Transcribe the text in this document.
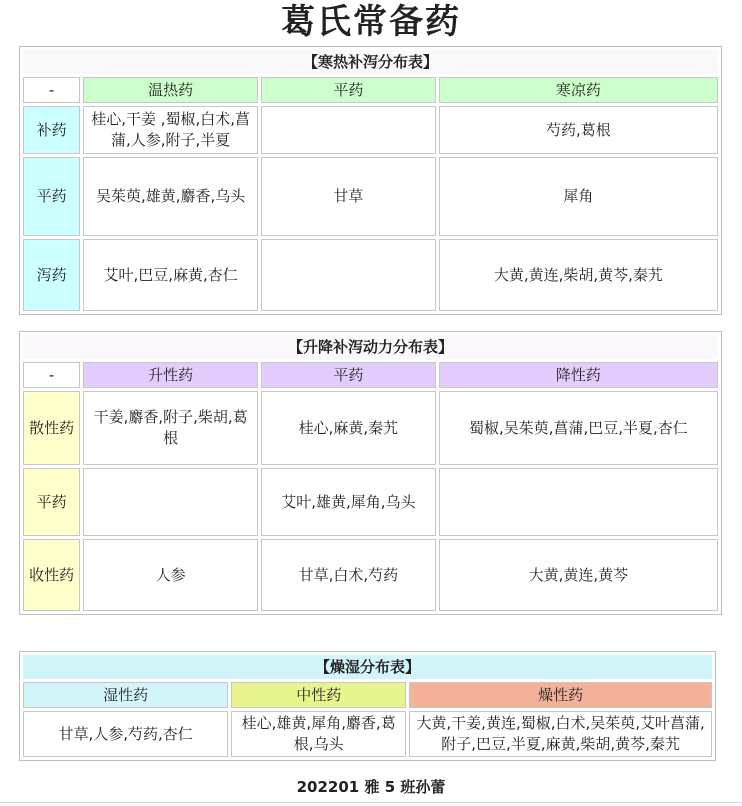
葛氏常备药
【寒热补泻分布表】			
-	温热药	平药	寒凉药
补药	桂心,干姜 ,蜀椒,白术,菖蒲,人参,附子,半夏		芍药,葛根
平药	吴茱萸,雄黄,麝香,乌头	甘草	犀角
泻药	艾叶,巴豆,麻黄,杏仁		大黄,黄连,柴胡,黄芩,秦艽
【升降补泻动力分布表】			
-	升性药	平药	降性药
散性药	干姜,麝香,附子,柴胡,葛根	桂心,麻黄,秦艽	蜀椒,吴茱萸,菖蒲,巴豆,半夏,杏仁
平药		艾叶,雄黄,犀角,乌头	
收性药	人参	甘草,白术,芍药	大黄,黄连,黄芩
【燥湿分布表】		
湿性药	中性药	燥性药
甘草,人参,芍药,杏仁	桂心,雄黄,犀角,麝香,葛根,乌头	大黄,干姜,黄连,蜀椒,白术,吴茱萸,艾叶菖蒲,附子,巴豆,半夏,麻黄,柴胡,黄芩,秦艽
202201 雅 5 班孙蕾
